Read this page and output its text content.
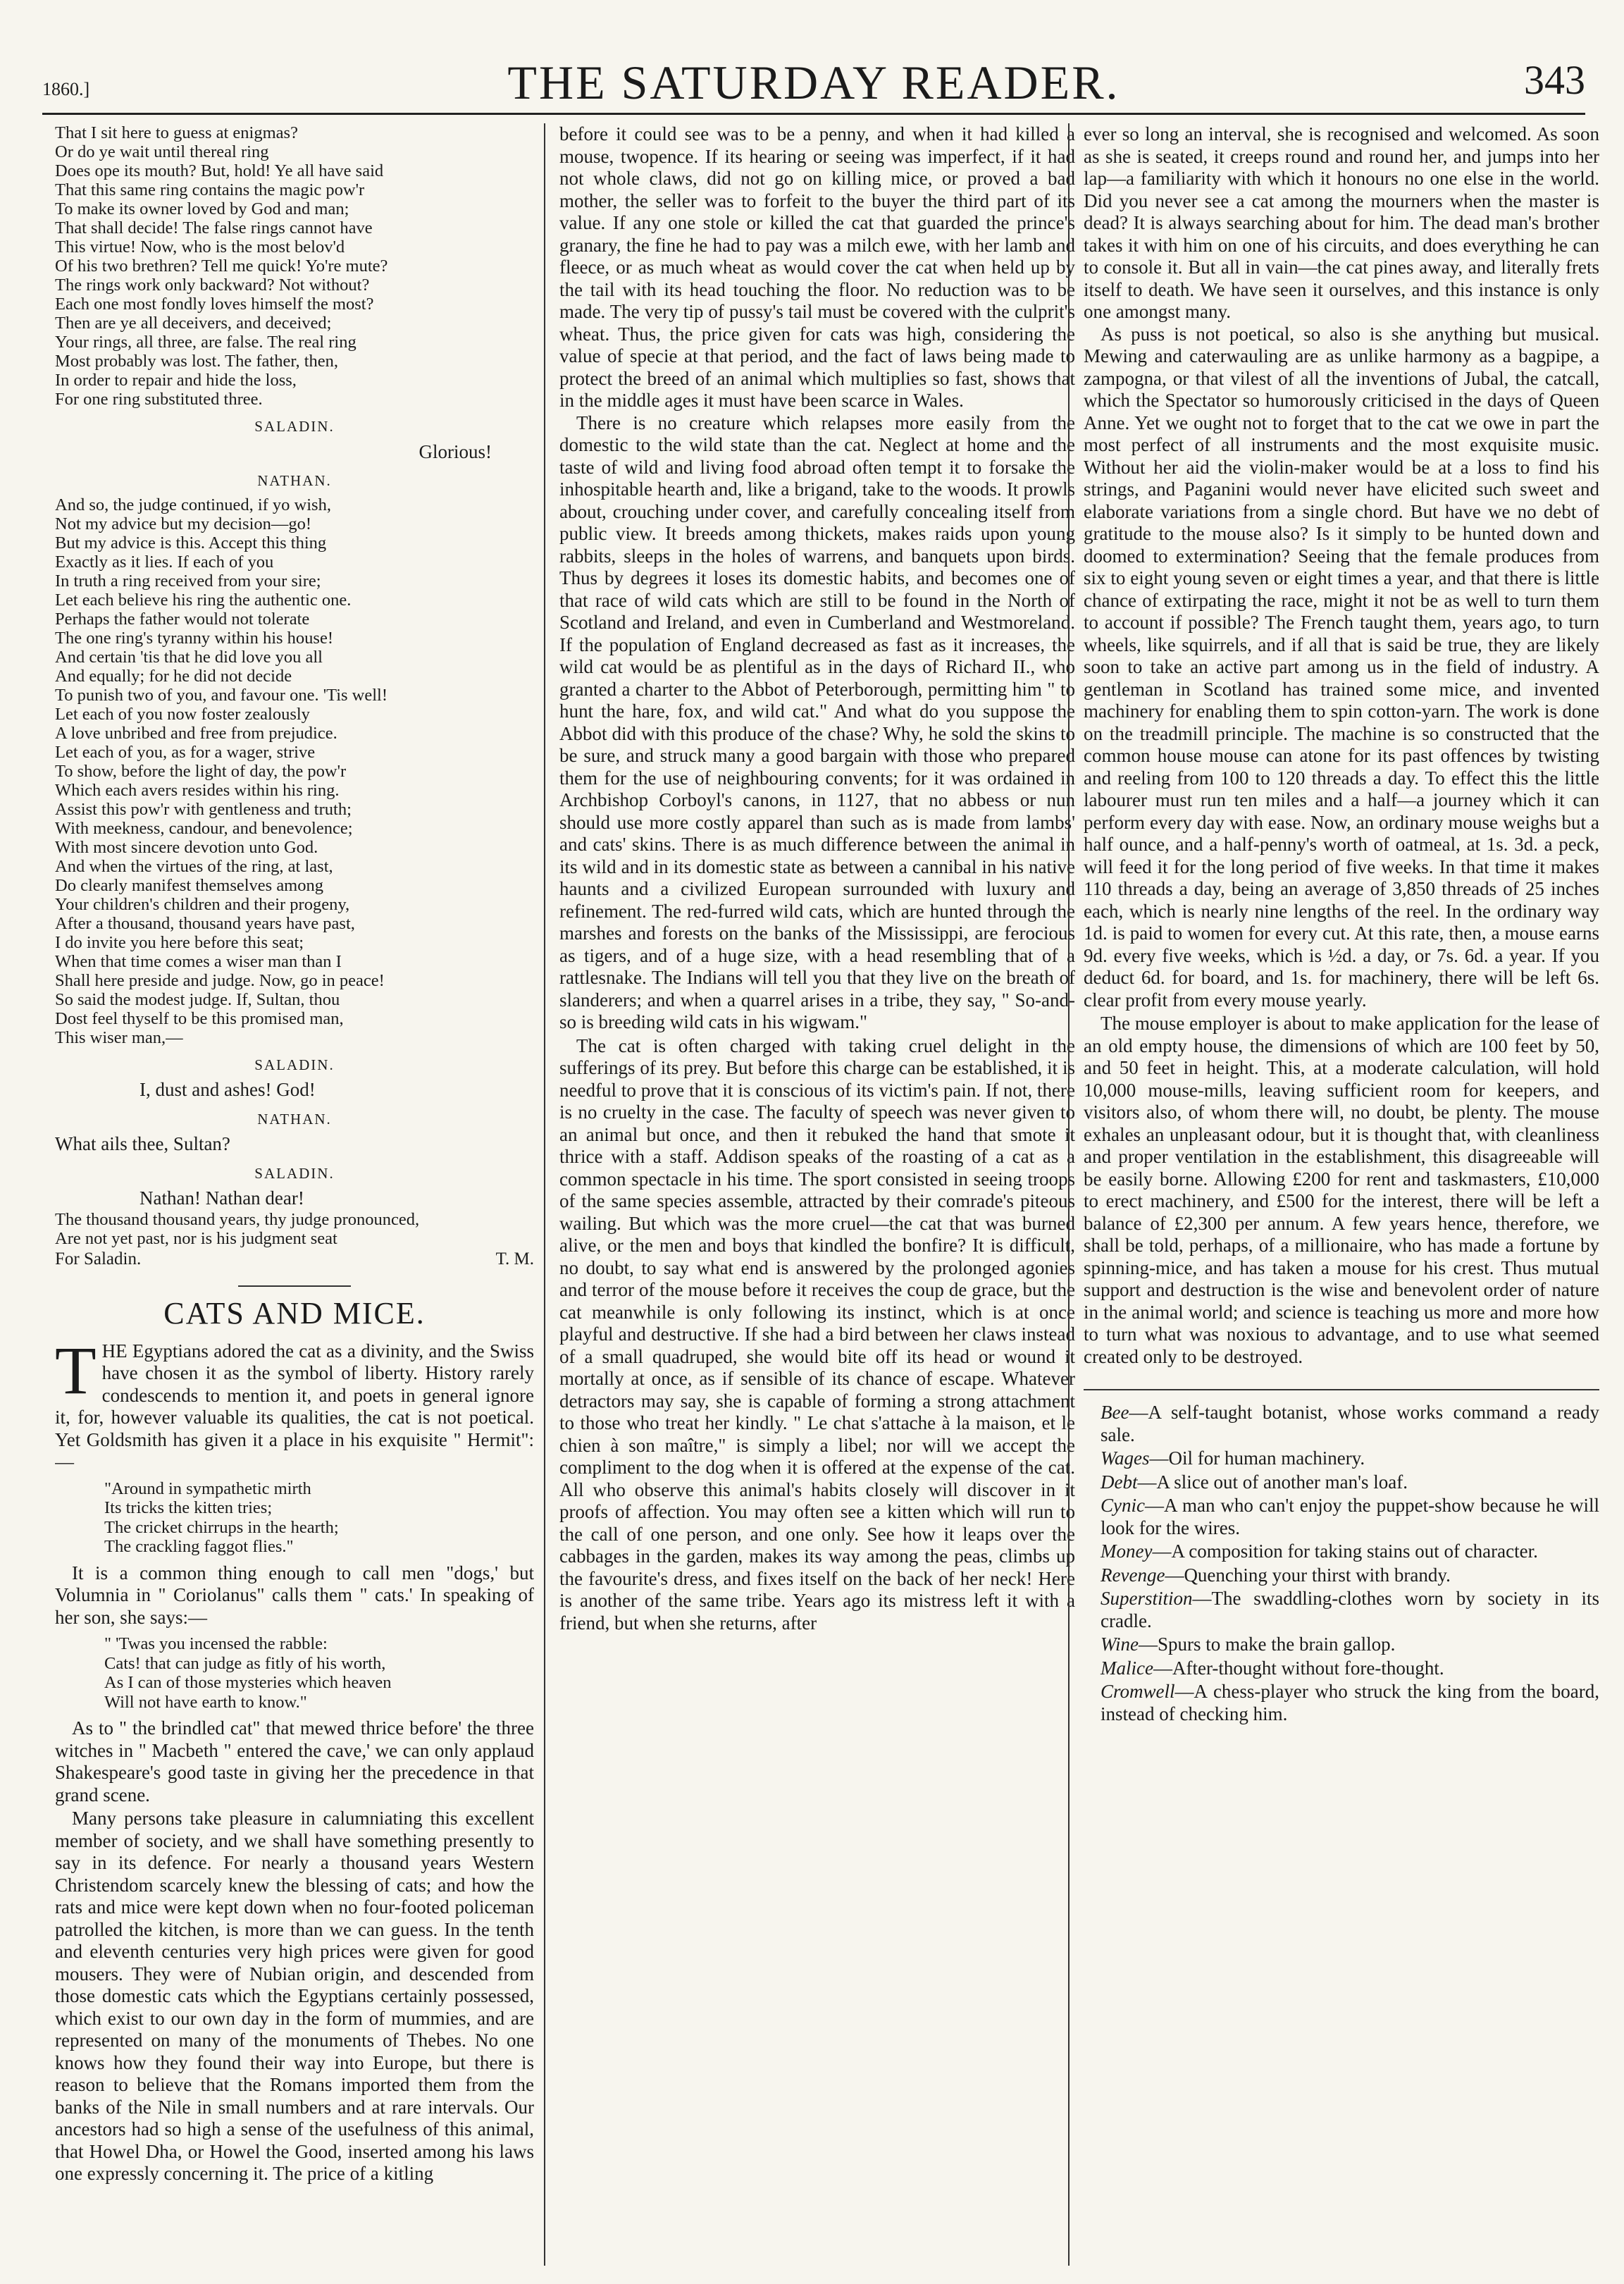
1860.]	THE SATURDAY READER.	343
That I sit here to guess at enigmas?
Or do ye wait until thereal ring
Does ope its mouth? But, hold! Ye all have said
That this same ring contains the magic pow'r
To make its owner loved by God and man;
That shall decide! The false rings cannot have
This virtue! Now, who is the most belov'd
Of his two brethren? Tell me quick! Yo're mute?
The rings work only backward? Not without?
Each one most fondly loves himself the most?
Then are ye all deceivers, and deceived;
Your rings, all three, are false. The real ring
Most probably was lost. The father, then,
In order to repair and hide the loss,
For one ring substituted three.
SALADIN.
Glorious!
NATHAN.
And so, the judge continued, if yo wish,
Not my advice but my decision—go!
But my advice is this. Accept this thing
Exactly as it lies. If each of you
In truth a ring received from your sire;
Let each believe his ring the authentic one.
Perhaps the father would not tolerate
The one ring's tyranny within his house!
And certain 'tis that he did love you all
And equally; for he did not decide
To punish two of you, and favour one. 'Tis well!
Let each of you now foster zealously
A love unbribed and free from prejudice.
Let each of you, as for a wager, strive
To show, before the light of day, the pow'r
Which each avers resides within his ring.
Assist this pow'r with gentleness and truth;
With meekness, candour, and benevolence;
With most sincere devotion unto God.
And when the virtues of the ring, at last,
Do clearly manifest themselves among
Your children's children and their progeny,
After a thousand, thousand years have past,
I do invite you here before this seat;
When that time comes a wiser man than I
Shall here preside and judge. Now, go in peace!
So said the modest judge. If, Sultan, thou
Dost feel thyself to be this promised man,
This wiser man,—
SALADIN.
I, dust and ashes! God!
NATHAN.
What ails thee, Sultan?
SALADIN.
Nathan! Nathan dear!
The thousand thousand years, thy judge pronounced,
Are not yet past, nor is his judgment seat
For Saladin.	T. M.
CATS AND MICE.

THE Egyptians adored the cat as a divinity, and the Swiss have chosen it as the symbol of liberty. History rarely condescends to mention it, and poets in general ignore it, for, however valuable its qualities, the cat is not poetical. Yet Goldsmith has given it a place in his exquisite " Hermit":—

"Around in sympathetic mirth
Its tricks the kitten tries;
The cricket chirrups in the hearth;
The crackling faggot flies."

It is a common thing enough to call men "dogs,' but Volumnia in " Coriolanus" calls them " cats.' In speaking of her son, she says:—

" 'Twas you incensed the rabble:
Cats! that can judge as fitly of his worth,
As I can of those mysteries which heaven
Will not have earth to know."

As to " the brindled cat" that mewed thrice before' the three witches in " Macbeth " entered the cave,' we can only applaud Shakespeare's good taste in giving her the precedence in that grand scene.

Many persons take pleasure in calumniating this excellent member of society, and we shall have something presently to say in its defence. For nearly a thousand years Western Christendom scarcely knew the blessing of cats; and how the rats and mice were kept down when no four-footed policeman patrolled the kitchen, is more than we can guess. In the tenth and eleventh centuries very high prices were given for good mousers. They were of Nubian origin, and descended from those domestic cats which the Egyptians certainly possessed, which exist to our own day in the form of mummies, and are represented on many of the monuments of Thebes. No one knows how they found their way into Europe, but there is reason to believe that the Romans imported them from the banks of the Nile in small numbers and at rare intervals. Our ancestors had so high a sense of the usefulness of this animal, that Howel Dha, or Howel the Good, inserted among his laws one expressly concerning it. The price of a kitling

before it could see was to be a penny, and when it had killed a mouse, twopence. If its hearing or seeing was imperfect, if it had not whole claws, did not go on killing mice, or proved a bad mother, the seller was to forfeit to the buyer the third part of its value. If any one stole or killed the cat that guarded the prince's granary, the fine he had to pay was a milch ewe, with her lamb and fleece, or as much wheat as would cover the cat when held up by the tail with its head touching the floor. No reduction was to be made. The very tip of pussy's tail must be covered with the culprit's wheat. Thus, the price given for cats was high, considering the value of specie at that period, and the fact of laws being made to protect the breed of an animal which multiplies so fast, shows that in the middle ages it must have been scarce in Wales.

There is no creature which relapses more easily from the domestic to the wild state than the cat. Neglect at home and the taste of wild and living food abroad often tempt it to forsake the inhospitable hearth and, like a brigand, take to the woods. It prowls about, crouching under cover, and carefully concealing itself from public view. It breeds among thickets, makes raids upon young rabbits, sleeps in the holes of warrens, and banquets upon birds. Thus by degrees it loses its domestic habits, and becomes one of that race of wild cats which are still to be found in the North of Scotland and Ireland, and even in Cumberland and Westmoreland. If the population of England decreased as fast as it increases, the wild cat would be as plentiful as in the days of Richard II., who granted a charter to the Abbot of Peterborough, permitting him " to hunt the hare, fox, and wild cat." And what do you suppose the Abbot did with this produce of the chase? Why, he sold the skins to be sure, and struck many a good bargain with those who prepared them for the use of neighbouring convents; for it was ordained in Archbishop Corboyl's canons, in 1127, that no abbess or nun should use more costly apparel than such as is made from lambs' and cats' skins. There is as much difference between the animal in its wild and in its domestic state as between a cannibal in his native haunts and a civilized European surrounded with luxury and refinement. The red-furred wild cats, which are hunted through the marshes and forests on the banks of the Mississippi, are ferocious as tigers, and of a huge size, with a head resembling that of a rattlesnake. The Indians will tell you that they live on the breath of slanderers; and when a quarrel arises in a tribe, they say, " So-and-so is breeding wild cats in his wigwam."

The cat is often charged with taking cruel delight in the sufferings of its prey. But before this charge can be established, it is needful to prove that it is conscious of its victim's pain. If not, there is no cruelty in the case. The faculty of speech was never given to an animal but once, and then it rebuked the hand that smote it thrice with a staff. Addison speaks of the roasting of a cat as a common spectacle in his time. The sport consisted in seeing troops of the same species assemble, attracted by their comrade's piteous wailing. But which was the more cruel—the cat that was burned alive, or the men and boys that kindled the bonfire? It is difficult, no doubt, to say what end is answered by the prolonged agonies and terror of the mouse before it receives the coup de grace, but the cat meanwhile is only following its instinct, which is at once playful and destructive. If she had a bird between her claws instead of a small quadruped, she would bite off its head or wound it mortally at once, as if sensible of its chance of escape. Whatever detractors may say, she is capable of forming a strong attachment to those who treat her kindly. " Le chat s'attache à la maison, et le chien à son maître," is simply a libel; nor will we accept the compliment to the dog when it is offered at the expense of the cat. All who observe this animal's habits closely will discover in it proofs of affection. You may often see a kitten which will run to the call of one person, and one only. See how it leaps over the cabbages in the garden, makes its way among the peas, climbs up the favourite's dress, and fixes itself on the back of her neck! Here is another of the same tribe. Years ago its mistress left it with a friend, but when she returns, after

ever so long an interval, she is recognised and welcomed. As soon as she is seated, it creeps round and round her, and jumps into her lap—a familiarity with which it honours no one else in the world. Did you never see a cat among the mourners when the master is dead? It is always searching about for him. The dead man's brother takes it with him on one of his circuits, and does everything he can to console it. But all in vain—the cat pines away, and literally frets itself to death. We have seen it ourselves, and this instance is only one amongst many.

As puss is not poetical, so also is she anything but musical. Mewing and caterwauling are as unlike harmony as a bagpipe, a zampogna, or that vilest of all the inventions of Jubal, the catcall, which the Spectator so humorously criticised in the days of Queen Anne. Yet we ought not to forget that to the cat we owe in part the most perfect of all instruments and the most exquisite music. Without her aid the violin-maker would be at a loss to find his strings, and Paganini would never have elicited such sweet and elaborate variations from a single chord. But have we no debt of gratitude to the mouse also? Is it simply to be hunted down and doomed to extermination? Seeing that the female produces from six to eight young seven or eight times a year, and that there is little chance of extirpating the race, might it not be as well to turn them to account if possible? The French taught them, years ago, to turn wheels, like squirrels, and if all that is said be true, they are likely soon to take an active part among us in the field of industry. A gentleman in Scotland has trained some mice, and invented machinery for enabling them to spin cotton-yarn. The work is done on the treadmill principle. The machine is so constructed that the common house mouse can atone for its past offences by twisting and reeling from 100 to 120 threads a day. To effect this the little labourer must run ten miles and a half—a journey which it can perform every day with ease. Now, an ordinary mouse weighs but a half ounce, and a half-penny's worth of oatmeal, at 1s. 3d. a peck, will feed it for the long period of five weeks. In that time it makes 110 threads a day, being an average of 3,850 threads of 25 inches each, which is nearly nine lengths of the reel. In the ordinary way 1d. is paid to women for every cut. At this rate, then, a mouse earns 9d. every five weeks, which is ½d. a day, or 7s. 6d. a year. If you deduct 6d. for board, and 1s. for machinery, there will be left 6s. clear profit from every mouse yearly.

The mouse employer is about to make application for the lease of an old empty house, the dimensions of which are 100 feet by 50, and 50 feet in height. This, at a moderate calculation, will hold 10,000 mouse-mills, leaving sufficient room for keepers, and visitors also, of whom there will, no doubt, be plenty. The mouse exhales an unpleasant odour, but it is thought that, with cleanliness and proper ventilation in the establishment, this disagreeable will be easily borne. Allowing £200 for rent and taskmasters, £10,000 to erect machinery, and £500 for the interest, there will be left a balance of £2,300 per annum. A few years hence, therefore, we shall be told, perhaps, of a millionaire, who has made a fortune by spinning-mice, and has taken a mouse for his crest. Thus mutual support and destruction is the wise and benevolent order of nature in the animal world; and science is teaching us more and more how to turn what was noxious to advantage, and to use what seemed created only to be destroyed.

Bee—A self-taught botanist, whose works command a ready sale.

Wages—Oil for human machinery.

Debt—A slice out of another man's loaf.

Cynic—A man who can't enjoy the puppet-show because he will look for the wires.

Money—A composition for taking stains out of character.

Revenge—Quenching your thirst with brandy.

Superstition—The swaddling-clothes worn by society in its cradle.

Wine—Spurs to make the brain gallop.

Malice—After-thought without fore-thought.

Cromwell—A chess-player who struck the king from the board, instead of checking him.
